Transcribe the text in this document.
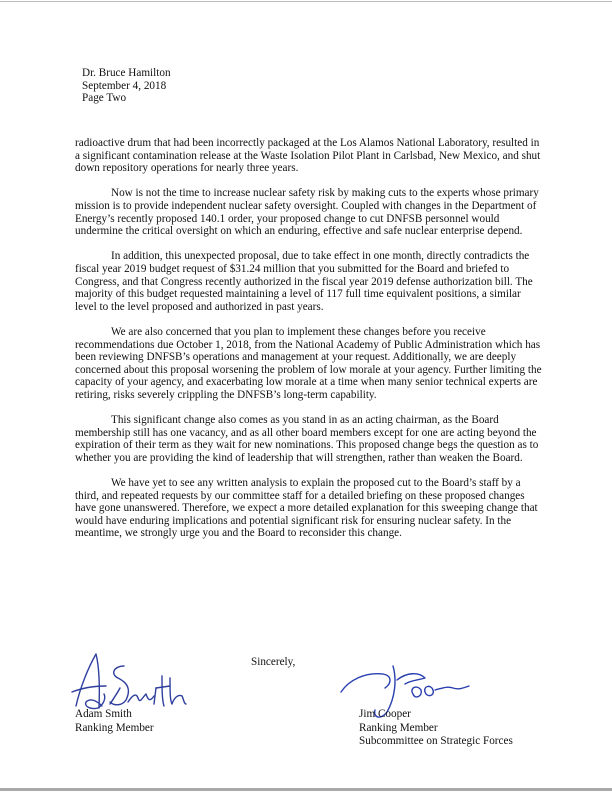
Dr. Bruce Hamilton
September 4, 2018
Page Two

radioactive drum that had been incorrectly packaged at the Los Alamos National Laboratory, resulted in a significant contamination release at the Waste Isolation Pilot Plant in Carlsbad, New Mexico, and shut down repository operations for nearly three years.

Now is not the time to increase nuclear safety risk by making cuts to the experts whose primary mission is to provide independent nuclear safety oversight. Coupled with changes in the Department of Energy’s recently proposed 140.1 order, your proposed change to cut DNFSB personnel would undermine the critical oversight on which an enduring, effective and safe nuclear enterprise depend.

In addition, this unexpected proposal, due to take effect in one month, directly contradicts the fiscal year 2019 budget request of $31.24 million that you submitted for the Board and briefed to Congress, and that Congress recently authorized in the fiscal year 2019 defense authorization bill. The majority of this budget requested maintaining a level of 117 full time equivalent positions, a similar level to the level proposed and authorized in past years.

We are also concerned that you plan to implement these changes before you receive recommendations due October 1, 2018, from the National Academy of Public Administration which has been reviewing DNFSB’s operations and management at your request. Additionally, we are deeply concerned about this proposal worsening the problem of low morale at your agency. Further limiting the capacity of your agency, and exacerbating low morale at a time when many senior technical experts are retiring, risks severely crippling the DNFSB’s long-term capability.

This significant change also comes as you stand in as an acting chairman, as the Board membership still has one vacancy, and as all other board members except for one are acting beyond the expiration of their term as they wait for new nominations. This proposed change begs the question as to whether you are providing the kind of leadership that will strengthen, rather than weaken the Board.

We have yet to see any written analysis to explain the proposed cut to the Board’s staff by a third, and repeated requests by our committee staff for a detailed briefing on these proposed changes have gone unanswered. Therefore, we expect a more detailed explanation for this sweeping change that would have enduring implications and potential significant risk for ensuring nuclear safety. In the meantime, we strongly urge you and the Board to reconsider this change.

Sincerely,
Adam Smith
Ranking Member
Jim Cooper
Ranking Member
Subcommittee on Strategic Forces
